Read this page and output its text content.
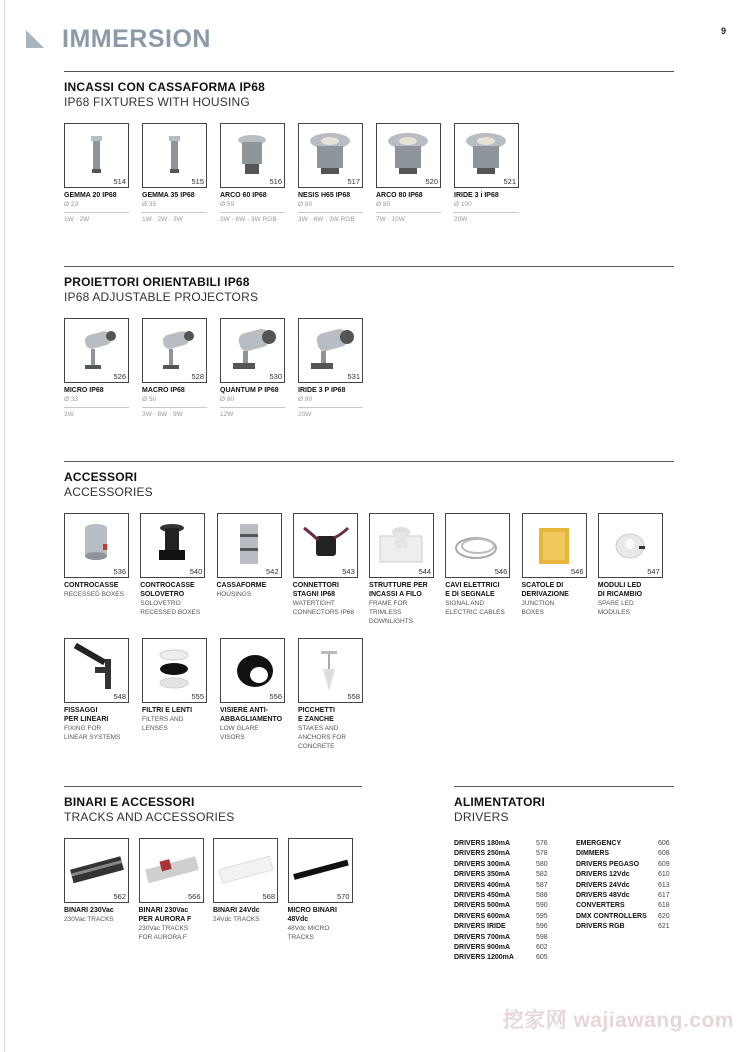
IMMERSION	9
INCASSI CON CASSAFORMA IP68
IP68 FIXTURES WITH HOUSING
514
GEMMA 20 IP68
Ø 23
1W · 2W
515
GEMMA 35 IP68
Ø 35
1W · 2W · 3W
516
ARCO 60 IP68
Ø 59
3W · 6W · 3W RGB
517
NESIS H65 IP68
Ø 80
3W · 6W · 3W RGB
520
ARCO 80 IP68
Ø 80
7W · 10W
521
IRIDE 3 i IP68
Ø 100
20W
PROIETTORI ORIENTABILI IP68
IP68 ADJUSTABLE PROJECTORS
526
MICRO IP68
Ø 33
3W
528
MACRO IP68
Ø 50
3W · 6W · 9W
530
QUANTUM P IP68
Ø 80
12W
531
IRIDE 3 P IP68
Ø 80
20W
ACCESSORI
ACCESSORIES
536
CONTROCASSE
RECESSED BOXES
540
CONTROCASSE
SOLOVETRO
SOLOVETRO
RECESSED BOXES
542
CASSAFORME
HOUSINGS
543
CONNETTORI
STAGNI IP68
WATERTIGHT
CONNECTORS IP68
544
STRUTTURE PER
INCASSI A FILO
FRAME FOR
TRIMLESS
DOWNLIGHTS
546
CAVI ELETTRICI
E DI SEGNALE
SIGNAL AND
ELECTRIC CABLES
546
SCATOLE DI
DERIVAZIONE
JUNCTION
BOXES
547
MODULI LED
DI RICAMBIO
SPARE LED
MODULES
548
FISSAGGI
PER LINEARI
FIXING FOR
LINEAR SYSTEMS
555
FILTRI E LENTI
FILTERS AND
LENSES
556
VISIERE ANTI-
ABBAGLIAMENTO
LOW GLARE
VISORS
558
PICCHETTI
E ZANCHE
STAKES AND
ANCHORS FOR
CONCRETE
BINARI E ACCESSORI
TRACKS AND ACCESSORIES
562
BINARI 230Vac
230Vac TRACKS
566
BINARI 230Vac
PER AURORA F
230Vac TRACKS
FOR AURORA F
568
BINARI 24Vdc
24Vdc TRACKS
570
MICRO BINARI
48Vdc
48Vdc MICRO
TRACKS
ALIMENTATORI
DRIVERS
DRIVERS 180mA	576
DRIVERS 250mA	578
DRIVERS 300mA	580
DRIVERS 350mA	582
DRIVERS 400mA	587
DRIVERS 450mA	588
DRIVERS 500mA	590
DRIVERS 600mA	595
DRIVERS IRIDE	596
DRIVERS 700mA	598
DRIVERS 900mA	602
DRIVERS 1200mA	605
EMERGENCY	606
DIMMERS	608
DRIVERS PEGASO	609
DRIVERS 12Vdc	610
DRIVERS 24Vdc	613
DRIVERS 48Vdc	617
CONVERTERS	618
DMX CONTROLLERS	620
DRIVERS RGB	621
挖家网 wajiawang.com
